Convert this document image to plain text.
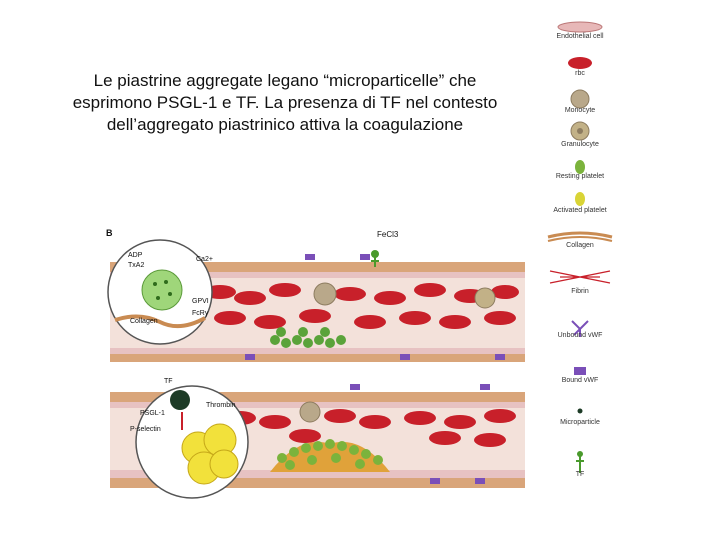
Le piastrine aggregate legano “microparticelle” che
esprimono PSGL-1 e TF. La presenza di TF nel contesto
dell’aggregato piastrinico attiva la coagulazione
B	FeCl3
ADP
TxA2
Ca2+
GPVI
FcRγ
Collagen
TF
PSGL-1
P-selectin
Thrombin
Endothelial cell
rbc
Monocyte
Granulocyte
Resting platelet
Activated platelet
Collagen
Fibrin
Unbound vWF
Bound vWF
Microparticle
TF
